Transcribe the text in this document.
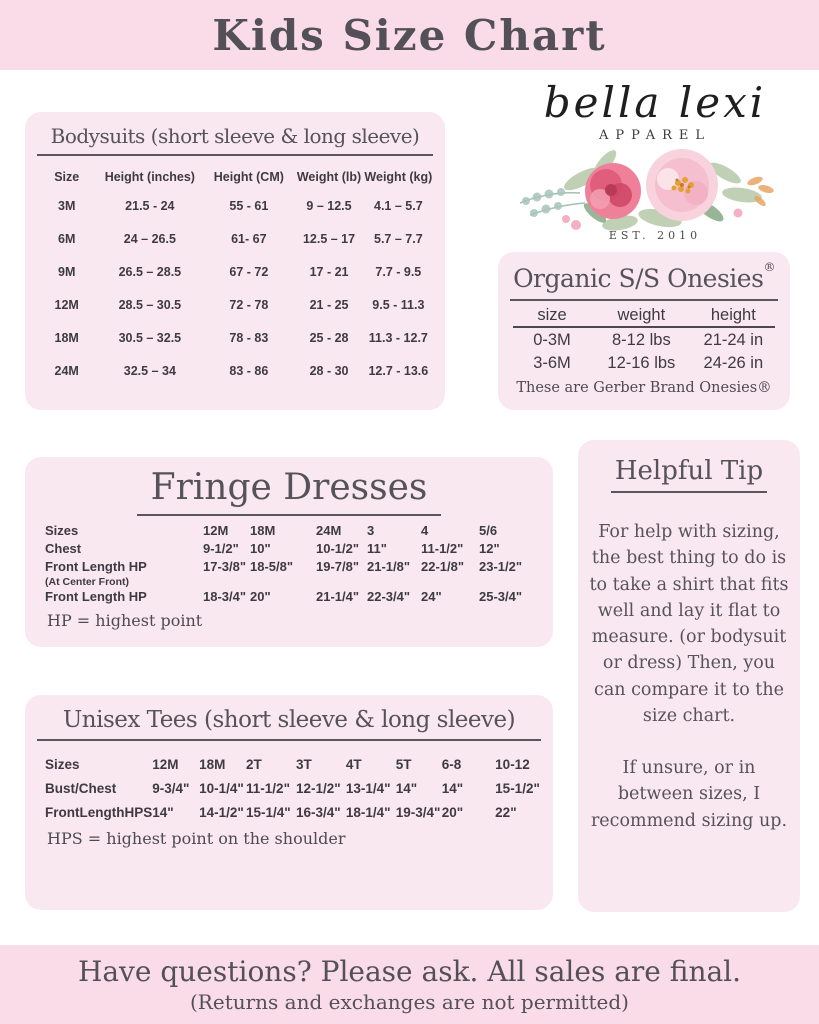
Kids Size Chart
Bodysuits (short sleeve & long sleeve)
Size	Height (inches)	Height (CM)	Weight (lb)	Weight (kg)
3M	21.5 - 24	55 - 61	9 – 12.5	4.1 – 5.7
6M	24 – 26.5	61- 67	12.5 – 17	5.7 – 7.7
9M	26.5 – 28.5	67 - 72	17 - 21	7.7 - 9.5
12M	28.5 – 30.5	72 - 78	21 - 25	9.5 - 11.3
18M	30.5 – 32.5	78 - 83	25 - 28	11.3 - 12.7
24M	32.5 – 34	83 - 86	28 - 30	12.7 - 13.6
bella lexi
APPAREL
EST. 2010
Organic S/S Onesies®
size	weight	height
0-3M	8-12 lbs	21-24 in
3-6M	12-16 lbs	24-26 in
These are Gerber Brand Onesies®
Fringe Dresses
Sizes	12M	18M	24M	3	4	5/6
Chest	9-1/2"	10"	10-1/2"	11"	11-1/2"	12"
Front Length HP	17-3/8"	18-5/8"	19-7/8"	21-1/8"	22-1/8"	23-1/2"
(At Center Front)						
Front Length HP	18-3/4"	20"	21-1/4"	22-3/4"	24"	25-3/4"
HP = highest point
Helpful Tip

For help with sizing, the best thing to do is to take a shirt that fits well and lay it flat to measure. (or bodysuit or dress) Then, you can compare it to the size chart.

If unsure, or in between sizes, I recommend sizing up.

Unisex Tees (short sleeve & long sleeve)
Sizes	12M	18M	2T	3T	4T	5T	6-8	10-12
Bust/Chest	9-3/4"	10-1/4"	11-1/2"	12-1/2"	13-1/4"	14"	14"	15-1/2"
FrontLengthHPS	14"	14-1/2"	15-1/4"	16-3/4"	18-1/4"	19-3/4"	20"	22"
HPS = highest point on the shoulder
Have questions? Please ask. All sales are final.
(Returns and exchanges are not permitted)
